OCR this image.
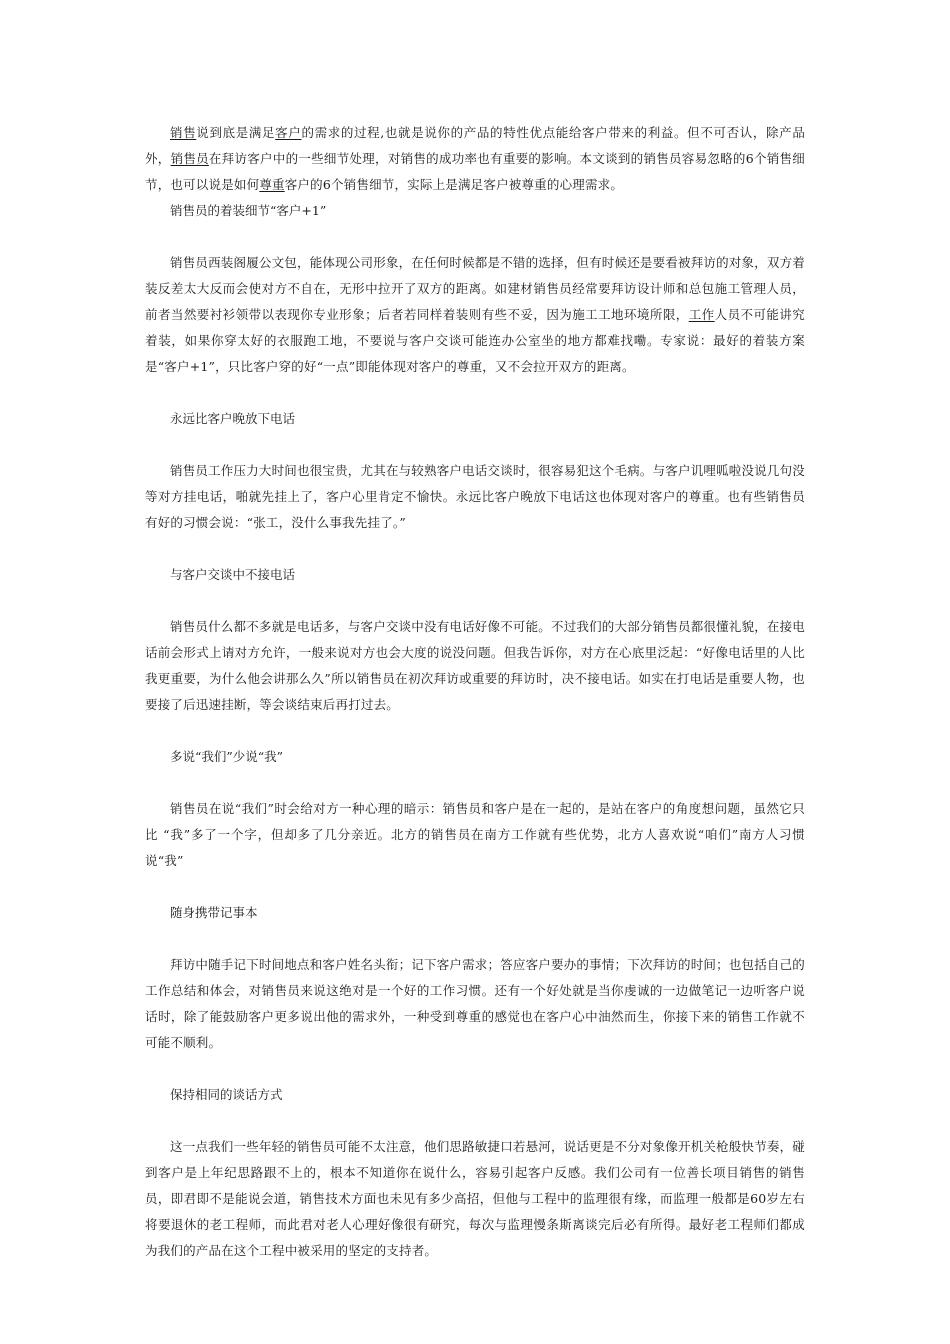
销售说到底是满足客户的需求的过程,也就是说你的产品的特性优点能给客户带来的利益。但不可否认，除产品外，销售员在拜访客户中的一些细节处理，对销售的成功率也有重要的影响。本文谈到的销售员容易忽略的6个销售细节，也可以说是如何尊重客户的6个销售细节，实际上是满足客户被尊重的心理需求。

销售员的着装细节“客户+1”

销售员西装阁履公文包，能体现公司形象，在任何时候都是不错的选择，但有时候还是要看被拜访的对象，双方着装反差太大反而会使对方不自在，无形中拉开了双方的距离。如建材销售员经常要拜访设计师和总包施工管理人员，前者当然要衬衫领带以表现你专业形象；后者若同样着装则有些不妥，因为施工工地环境所限，工作人员不可能讲究着装，如果你穿太好的衣服跑工地，不要说与客户交谈可能连办公室坐的地方都难找嘞。专家说：最好的着装方案是“客户+1”，只比客户穿的好“一点”即能体现对客户的尊重，又不会拉开双方的距离。

永远比客户晚放下电话

销售员工作压力大时间也很宝贵，尤其在与较熟客户电话交谈时，很容易犯这个毛病。与客户讥哩呱啦没说几句没等对方挂电话，啪就先挂上了，客户心里肯定不愉快。永远比客户晚放下电话这也体现对客户的尊重。也有些销售员有好的习惯会说：“张工，没什么事我先挂了。”

与客户交谈中不接电话

销售员什么都不多就是电话多，与客户交谈中没有电话好像不可能。不过我们的大部分销售员都很懂礼貌，在接电话前会形式上请对方允许，一般来说对方也会大度的说没问题。但我告诉你，对方在心底里泛起：“好像电话里的人比我更重要，为什么他会讲那么久”所以销售员在初次拜访或重要的拜访时，决不接电话。如实在打电话是重要人物，也要接了后迅速挂断，等会谈结束后再打过去。

多说“我们”少说“我”

销售员在说“我们”时会给对方一种心理的暗示：销售员和客户是在一起的，是站在客户的角度想问题，虽然它只比 “我”多了一个字，但却多了几分亲近。北方的销售员在南方工作就有些优势，北方人喜欢说“咱们”南方人习惯说“我”

随身携带记事本

拜访中随手记下时间地点和客户姓名头衔；记下客户需求；答应客户要办的事情；下次拜访的时间；也包括自己的工作总结和体会，对销售员来说这绝对是一个好的工作习惯。还有一个好处就是当你虔诚的一边做笔记一边听客户说话时，除了能鼓励客户更多说出他的需求外，一种受到尊重的感觉也在客户心中油然而生，你接下来的销售工作就不可能不顺利。

保持相同的谈话方式

这一点我们一些年轻的销售员可能不太注意，他们思路敏捷口若悬河，说话更是不分对象像开机关枪般快节奏，碰到客户是上年纪思路跟不上的，根本不知道你在说什么，容易引起客户反感。我们公司有一位善长项目销售的销售员，即君即不是能说会道，销售技术方面也未见有多少高招，但他与工程中的监理很有缘，而监理一般都是60岁左右将要退休的老工程师，而此君对老人心理好像很有研究，每次与监理慢条斯离谈完后必有所得。最好老工程师们都成为我们的产品在这个工程中被采用的坚定的支持者。
